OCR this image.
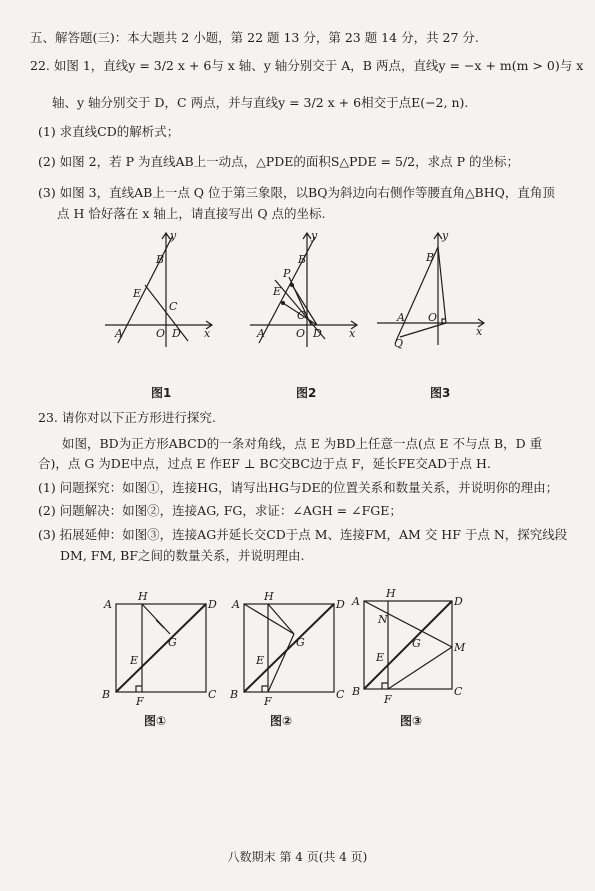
五、解答题(三)：本大题共 2 小题，第 22 题 13 分，第 23 题 14 分，共 27 分.
22. 如图 1，直线y = 3/2 x + 6与 x 轴、y 轴分别交于 A，B 两点，直线y = −x + m(m > 0)与 x
轴、y 轴分别交于 D，C 两点，并与直线y = 3/2 x + 6相交于点E(−2, n).
(1) 求直线CD的解析式；
(2) 如图 2，若 P 为直线AB上一动点，△PDE的面积S△PDE = 5/2，求点 P 的坐标；
(3) 如图 3，直线AB上一点 Q 位于第三象限，以BQ为斜边向右侧作等腰直角△BHQ，直角顶
点 H 恰好落在 x 轴上，请直接写出 Q 点的坐标.
y
B
E
C
A	O D x
图1
y
B
P
E
C
A	O D x
图2
B
y
A O
Q
x
图3
23. 请你对以下正方形进行探究.
如图，BD为正方形ABCD的一条对角线，点 E 为BD上任意一点(点 E 不与点 B，D 重
合)，点 G 为DE中点，过点 E 作EF ⊥ BC交BC边于点 F，延长FE交AD于点 H.
(1) 问题探究：如图①，连接HG，请写出HG与DE的位置关系和数量关系，并说明你的理由；
(2) 问题解决：如图②，连接AG, FG，求证：∠AGH = ∠FGE；
(3) 拓展延伸：如图③，连接AG并延长交CD于点 M、连接FM，AM 交 HF 于点 N，探究线段
DM, FM, BF之间的数量关系，并说明理由.
A
H
D
G
E
B
F
C
图①
A
H
D
G
E
B
F
C
图②
A
H
D
N
G	M
E
B
F
C
图③
八数期末 第 4 页(共 4 页)
